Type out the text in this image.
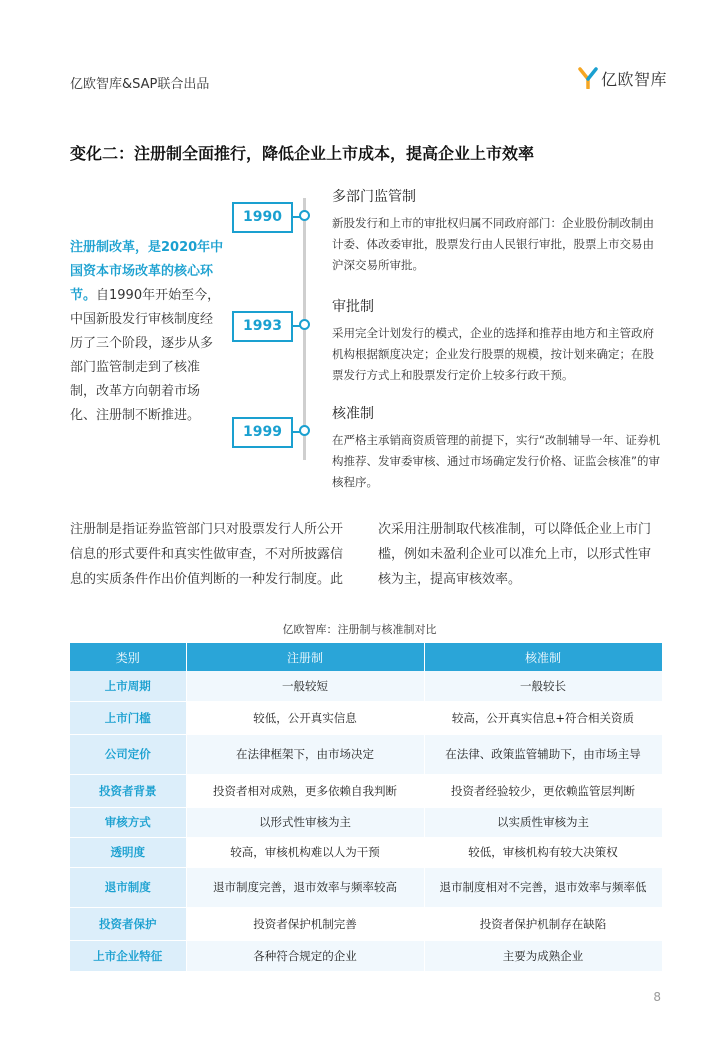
亿欧智库&SAP联合出品	亿欧智库
变化二：注册制全面推行，降低企业上市成本，提高企业上市效率
注册制改革，是2020年中国资本市场改革的核心环节。自1990年开始至今，中国新股发行审核制度经历了三个阶段，逐步从多部门监管制走到了核准制，改革方向朝着市场化、注册制不断推进。
1990
1993
1999
多部门监管制
新股发行和上市的审批权归属不同政府部门：企业股份制改制由计委、体改委审批，股票发行由人民银行审批，股票上市交易由沪深交易所审批。
审批制
采用完全计划发行的模式，企业的选择和推荐由地方和主管政府机构根据额度决定；企业发行股票的规模，按计划来确定；在股票发行方式上和股票发行定价上较多行政干预。
核准制
在严格主承销商资质管理的前提下，实行“改制辅导一年、证券机构推荐、发审委审核、通过市场确定发行价格、证监会核准”的审核程序。
注册制是指证券监管部门只对股票发行人所公开信息的形式要件和真实性做审查，不对所披露信息的实质条件作出价值判断的一种发行制度。此
次采用注册制取代核准制，可以降低企业上市门槛，例如未盈利企业可以准允上市，以形式性审核为主，提高审核效率。
亿欧智库：注册制与核准制对比
类别	注册制	核准制
上市周期	一般较短	一般较长
上市门槛	较低，公开真实信息	较高，公开真实信息+符合相关资质
公司定价	在法律框架下，由市场决定	在法律、政策监管辅助下，由市场主导
投资者背景	投资者相对成熟，更多依赖自我判断	投资者经验较少，更依赖监管层判断
审核方式	以形式性审核为主	以实质性审核为主
透明度	较高，审核机构难以人为干预	较低，审核机构有较大决策权
退市制度	退市制度完善，退市效率与频率较高	退市制度相对不完善，退市效率与频率低
投资者保护	投资者保护机制完善	投资者保护机制存在缺陷
上市企业特征	各种符合规定的企业	主要为成熟企业
8
